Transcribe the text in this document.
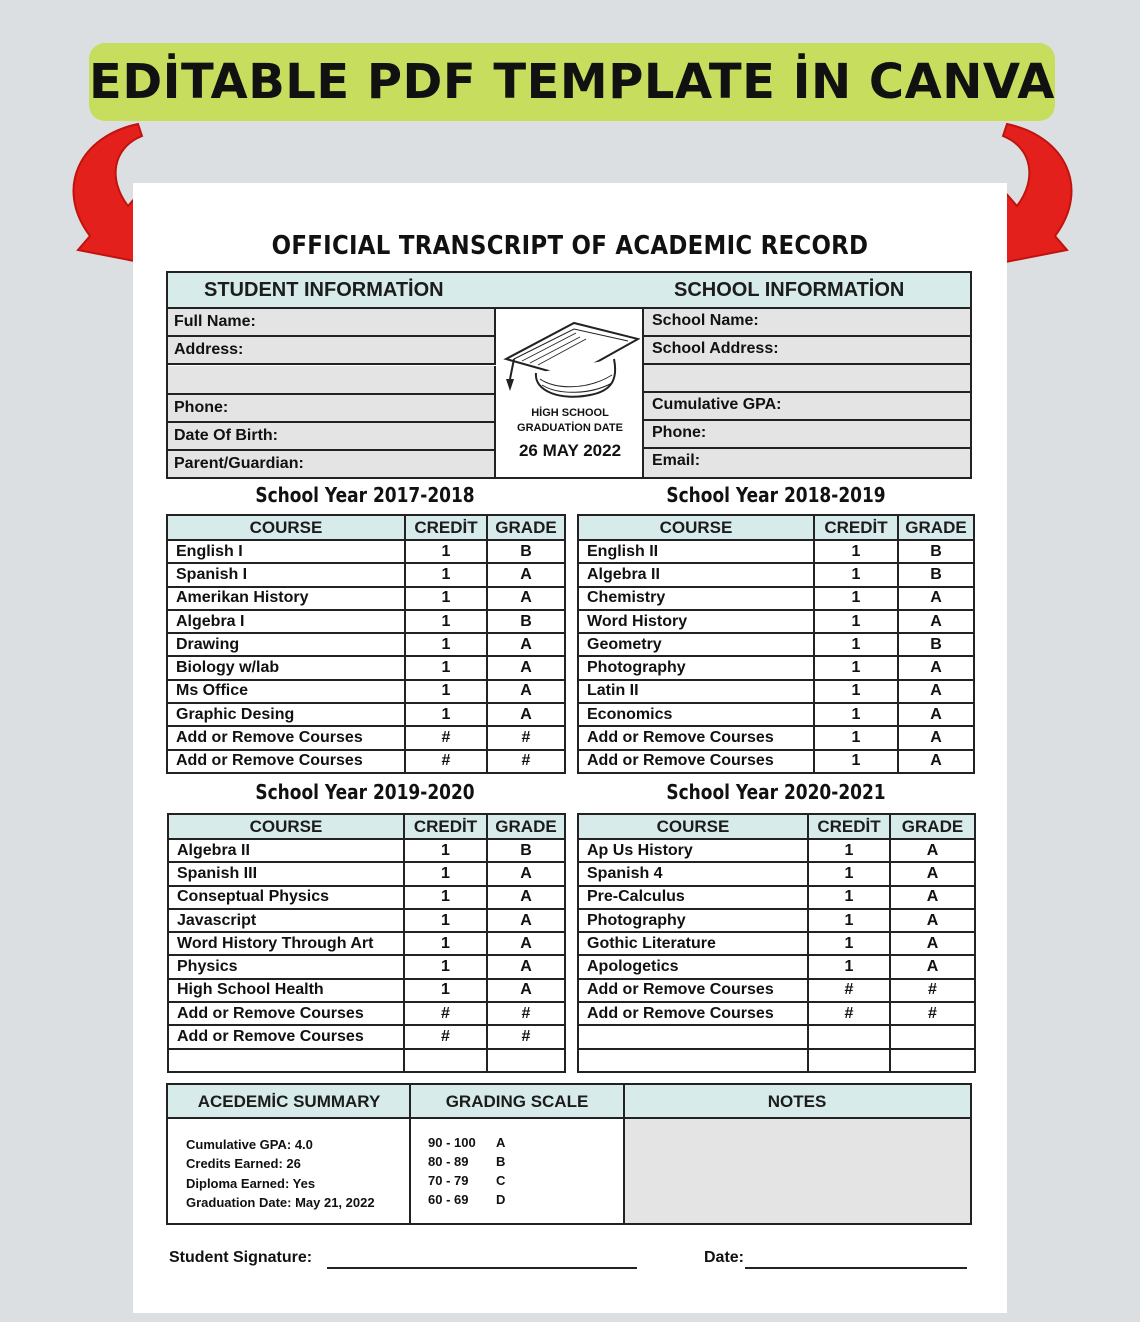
EDİTABLE PDF TEMPLATE İN CANVA
OFFICIAL TRANSCRIPT OF ACADEMIC RECORD
STUDENT INFORMATİON	SCHOOL INFORMATİON
Full Name:
Address:
Phone:
Date Of Birth:
Parent/Guardian:
School Name:
School Address:
Cumulative GPA:
Phone:
Email:
HİGH SCHOOL
GRADUATİON DATE
26 MAY 2022
School Year 2017-2018	School Year 2018-2019
School Year 2019-2020	School Year 2020-2021
COURSE	CREDİT	GRADE
English I	1	B
Spanish I	1	A
Amerikan History	1	A
Algebra I	1	B
Drawing	1	A
Biology w/lab	1	A
Ms Office	1	A
Graphic Desing	1	A
Add or Remove Courses	#	#
Add or Remove Courses	#	#
COURSE	CREDİT	GRADE
English II	1	B
Algebra II	1	B
Chemistry	1	A
Word History	1	A
Geometry	1	B
Photography	1	A
Latin II	1	A
Economics	1	A
Add or Remove Courses	1	A
Add or Remove Courses	1	A
COURSE	CREDİT	GRADE
Algebra II	1	B
Spanish III	1	A
Conseptual Physics	1	A
Javascript	1	A
Word History Through Art	1	A
Physics	1	A
High School Health	1	A
Add or Remove Courses	#	#
Add or Remove Courses	#	#

COURSE	CREDİT	GRADE
Ap Us History	1	A
Spanish 4	1	A
Pre-Calculus	1	A
Photography	1	A
Gothic Literature	1	A
Apologetics	1	A
Add or Remove Courses	#	#
Add or Remove Courses	#	#

ACEDEMİC SUMMARY	GRADING SCALE	NOTES
Cumulative GPA: 4.0
Credits Earned: 26
Diploma Earned: Yes
Graduation Date: May 21, 2022
90 - 100 A
80 - 89 B
70 - 79 C
60 - 69 D
Student Signature:	Date:
